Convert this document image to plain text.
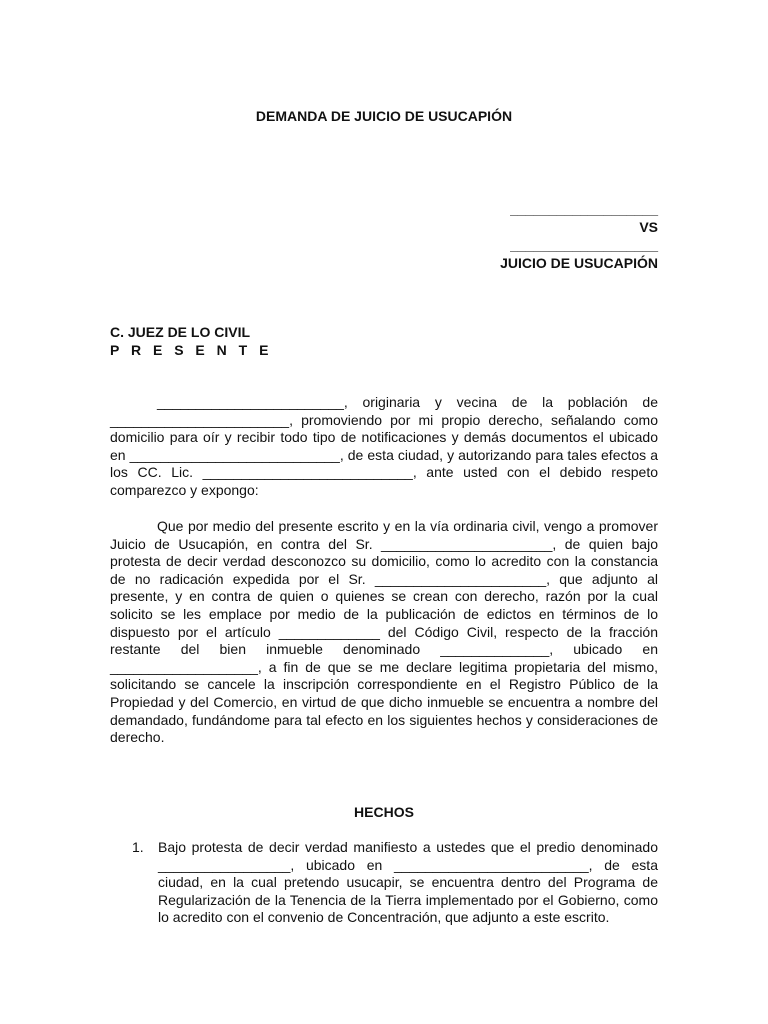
DEMANDA DE JUICIO DE USUCAPIÓN
___________________
VS
___________________
JUICIO DE USUCAPIÓN
C. JUEZ DE LO CIVIL
P R E S E N T E
________________________, originaria y vecina de la población de _______________________, promoviendo por mi propio derecho, señalando como domicilio para oír y recibir todo tipo de notificaciones y demás documentos el ubicado en ___________________________, de esta ciudad, y autorizando para tales efectos a los CC. Lic. ___________________________, ante usted con el debido respeto comparezco y expongo:
Que por medio del presente escrito y en la vía ordinaria civil, vengo a promover Juicio de Usucapión, en contra del Sr. ______________________, de quien bajo protesta de decir verdad desconozco su domicilio, como lo acredito con la constancia de no radicación expedida por el Sr. ______________________, que adjunto al presente, y en contra de quien o quienes se crean con derecho, razón por la cual solicito se les emplace por medio de la publicación de edictos en términos de lo dispuesto por el artículo _____________ del Código Civil, respecto de la fracción restante del bien inmueble denominado ______________, ubicado en ___________________, a fin de que se me declare legitima propietaria del mismo, solicitando se cancele la inscripción correspondiente en el Registro Público de la Propiedad y del Comercio, en virtud de que dicho inmueble se encuentra a nombre del demandado, fundándome para tal efecto en los siguientes hechos y consideraciones de derecho.
HECHOS
1.	Bajo protesta de decir verdad manifiesto a ustedes que el predio denominado _________________, ubicado en _________________________, de esta ciudad, en la cual pretendo usucapir, se encuentra dentro del Programa de Regularización de la Tenencia de la Tierra implementado por el Gobierno, como lo acredito con el convenio de Concentración, que adjunto a este escrito.
